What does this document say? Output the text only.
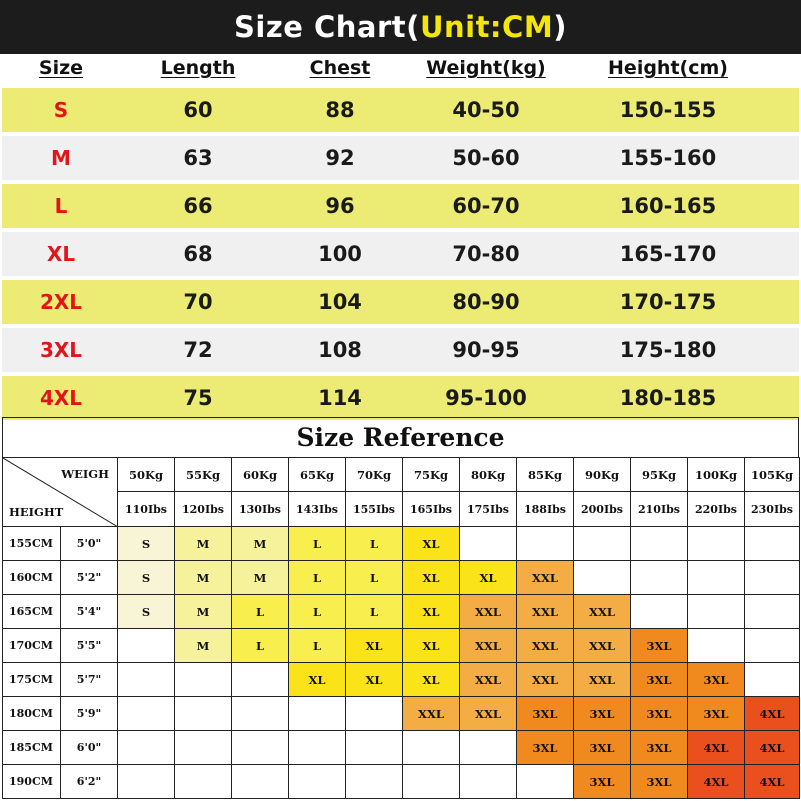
Size Chart ( Unit:CM )
Size	Length	Chest	Weight(kg)	Height(cm)
S	60	88	40-50	150-155
M	63	92	50-60	155-160
L	66	96	60-70	160-165
XL	68	100	70-80	165-170
2XL	70	104	80-90	170-175
3XL	72	108	90-95	175-180
4XL	75	114	95-100	180-185
Size Reference
WEIGH
HEIGHT		50Kg	55Kg	60Kg	65Kg	70Kg	75Kg	80Kg	85Kg	90Kg	95Kg	100Kg	105Kg
		110Ibs	120Ibs	130Ibs	143Ibs	155Ibs	165Ibs	175Ibs	188Ibs	200Ibs	210Ibs	220Ibs	230Ibs
155CM	5'0"	S	M	M	L	L	XL						
160CM	5'2"	S	M	M	L	L	XL	XL	XXL				
165CM	5'4"	S	M	L	L	L	XL	XXL	XXL	XXL			
170CM	5'5"		M	L	L	XL	XL	XXL	XXL	XXL	3XL		
175CM	5'7"				XL	XL	XL	XXL	XXL	XXL	3XL	3XL	
180CM	5'9"						XXL	XXL	3XL	3XL	3XL	3XL	4XL
185CM	6'0"								3XL	3XL	3XL	4XL	4XL
190CM	6'2"									3XL	3XL	4XL	4XL
